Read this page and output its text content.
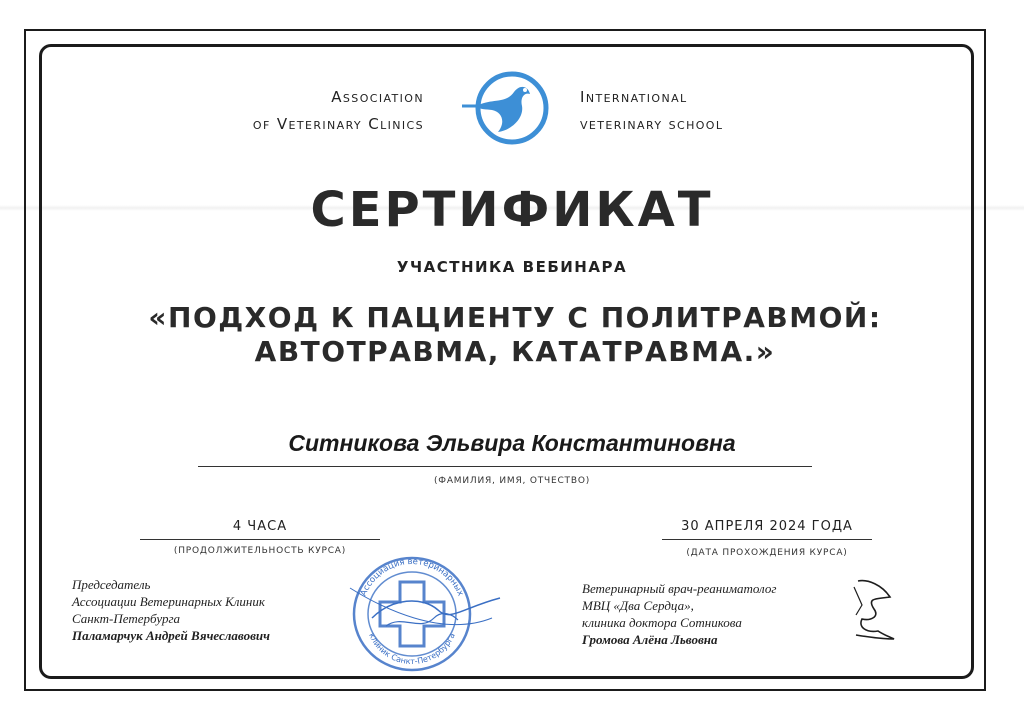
Association
of Veterinary Clinics
International
veterinary school
СЕРТИФИКАТ
УЧАСТНИКА ВЕБИНАРА
«ПОДХОД К ПАЦИЕНТУ С ПОЛИТРАВМОЙ:
АВТОТРАВМА, КАТАТРАВМА.»
Ситникова Эльвира Константиновна
(ФАМИЛИЯ, ИМЯ, ОТЧЕСТВО)
4 ЧАСА
(ПРОДОЛЖИТЕЛЬНОСТЬ КУРСА)
30 АПРЕЛЯ 2024 ГОДА
(ДАТА ПРОХОЖДЕНИЯ КУРСА)
Председатель
Ассоциации Ветеринарных Клиник
Санкт-Петербурга
Паламарчук Андрей Вячеславович
Ассоциация ветеринарных
клиник Санкт-Петербурга
Ветеринарный врач-реаниматолог
МВЦ «Два Сердца»,
клиника доктора Сотникова
Громова Алёна Львовна
